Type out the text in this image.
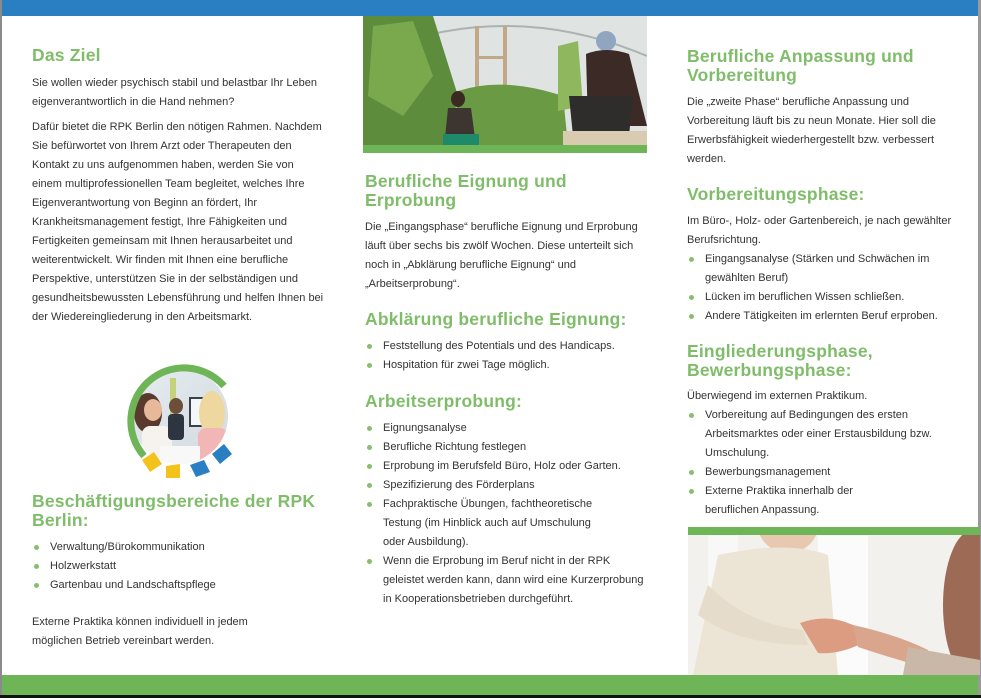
Das Ziel

Sie wollen wieder psychisch stabil und belastbar Ihr Leben eigenverantwortlich in die Hand nehmen?

Dafür bietet die RPK Berlin den nötigen Rahmen. Nachdem Sie befürwortet von Ihrem Arzt oder Therapeuten den Kontakt zu uns aufgenommen haben, werden Sie von einem multiprofessionellen Team begleitet, welches Ihre Eigenverantwortung von Beginn an fördert, Ihr Krankheitsmanagement festigt, Ihre Fähigkeiten und Fertigkeiten gemeinsam mit Ihnen herausarbeitet und weiterentwickelt. Wir finden mit Ihnen eine berufliche Perspektive, unterstützen Sie in der selbständigen und gesundheitsbewussten Lebensführung und helfen Ihnen bei der Wiedereingliederung in den Arbeitsmarkt.

Beschäftigungsbereiche der RPK Berlin:
Verwaltung/Bürokommunikation
Holzwerkstatt
Gartenbau und Landschaftspflege

Externe Praktika können individuell in jedem möglichen Betrieb vereinbart werden.

Berufliche Eignung und Erprobung

Die „Eingangsphase“ berufliche Eignung und Erprobung läuft über sechs bis zwölf Wochen. Diese unterteilt sich noch in „Abklärung berufliche Eignung“ und „Arbeitserprobung“.

Abklärung berufliche Eignung:
Feststellung des Potentials und des Handicaps.
Hospitation für zwei Tage möglich.
Arbeitserprobung:
Eignungsanalyse
Berufliche Richtung festlegen
Erprobung im Berufsfeld Büro, Holz oder Garten.
Spezifizierung des Förderplans
Fachpraktische Übungen, fachtheoretische Testung (im Hinblick auch auf Umschulung oder Ausbildung).
Wenn die Erprobung im Beruf nicht in der RPK geleistet werden kann, dann wird eine Kurzerprobung in Kooperationsbetrieben durchgeführt.
Berufliche Anpassung und Vorbereitung

Die „zweite Phase“ berufliche Anpassung und Vorbereitung läuft bis zu neun Monate. Hier soll die Erwerbsfähigkeit wiederhergestellt bzw. verbessert werden.

Vorbereitungsphase:

Im Büro-, Holz- oder Gartenbereich, je nach gewählter Berufsrichtung.

Eingangsanalyse (Stärken und Schwächen im gewählten Beruf)
Lücken im beruflichen Wissen schließen.
Andere Tätigkeiten im erlernten Beruf erproben.
Eingliederungsphase, Bewerbungsphase:

Überwiegend im externen Praktikum.

Vorbereitung auf Bedingungen des ersten Arbeitsmarktes oder einer Erstausbildung bzw. Umschulung.
Bewerbungsmanagement
Externe Praktika innerhalb der beruflichen Anpassung.
